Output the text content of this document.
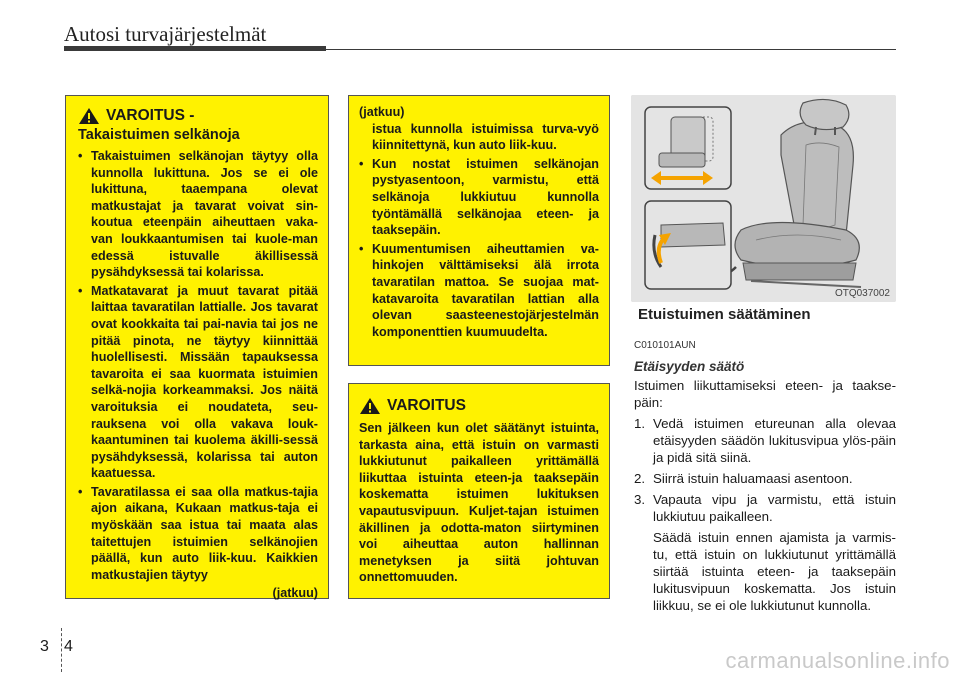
Autosi turvajärjestelmät
VAROITUS -
Takaistuimen selkänoja
• Takaistuimen selkänojan täytyy olla kunnolla lukittuna. Jos se ei ole lukittuna, taaempana olevat matkustajat ja tavarat voivat sin-koutua eteenpäin aiheuttaen vaka-van loukkaantumisen tai kuole-man edessä istuvalle äkillisessä pysähdyksessä tai kolarissa.
• Matkatavarat ja muut tavarat pitää laittaa tavaratilan lattialle. Jos tavarat ovat kookkaita tai pai-navia tai jos ne pitää pinota, ne täytyy kiinnittää huolellisesti. Missään tapauksessa tavaroita ei saa kuormata istuimien selkä-nojia korkeammaksi. Jos näitä varoituksia ei noudateta, seu-rauksena voi olla vakava louk-kaantuminen tai kuolema äkilli-sessä pysähdyksessä, kolarissa tai auton kaatuessa.
• Tavaratilassa ei saa olla matkus-tajia ajon aikana, Kukaan matkus-taja ei myöskään saa istua tai maata alas taitettujen istuimien selkänojien päällä, kun auto liik-kuu. Kaikkien matkustajien täytyy
(jatkuu)
(jatkuu)
istua kunnolla istuimissa turva-vyö kiinnitettynä, kun auto liik-kuu.
• Kun nostat istuimen selkänojan pystyasentoon, varmistu, että selkänoja lukkiutuu kunnolla työntämällä selkänojaa eteen- ja taaksepäin.
• Kuumentumisen aiheuttamien va-hinkojen välttämiseksi älä irrota tavaratilan mattoa. Se suojaa mat-katavaroita tavaratilan lattian alla olevan saasteenestojärjestelmän komponenttien kuumuudelta.
VAROITUS
Sen jälkeen kun olet säätänyt istuinta, tarkasta aina, että istuin on varmasti lukkiutunut paikalleen yrittämällä liikuttaa istuinta eteen-ja taaksepäin koskematta istuimen lukituksen vapautusvipuun. Kuljet-tajan istuimen äkillinen ja odotta-maton siirtyminen voi aiheuttaa auton hallinnan menetyksen ja siitä johtuvan onnettomuuden.
OTQ037002
Etuistuimen säätäminen
C010101AUN
Etäisyyden säätö
Istuimen liikuttamiseksi eteen- ja taakse-päin:
1. Vedä istuimen etureunan alla olevaa etäisyyden säädön lukitusvipua ylös-päin ja pidä sitä siinä.
2. Siirrä istuin haluamaasi asentoon.
3. Vapauta vipu ja varmistu, että istuin lukkiutuu paikalleen.
Säädä istuin ennen ajamista ja varmis-tu, että istuin on lukkiutunut yrittämällä siirtää istuinta eteen- ja taaksepäin lukitusvipuun koskematta. Jos istuin liikkuu, se ei ole lukkiutunut kunnolla.
3 4
carmanualsonline.info
